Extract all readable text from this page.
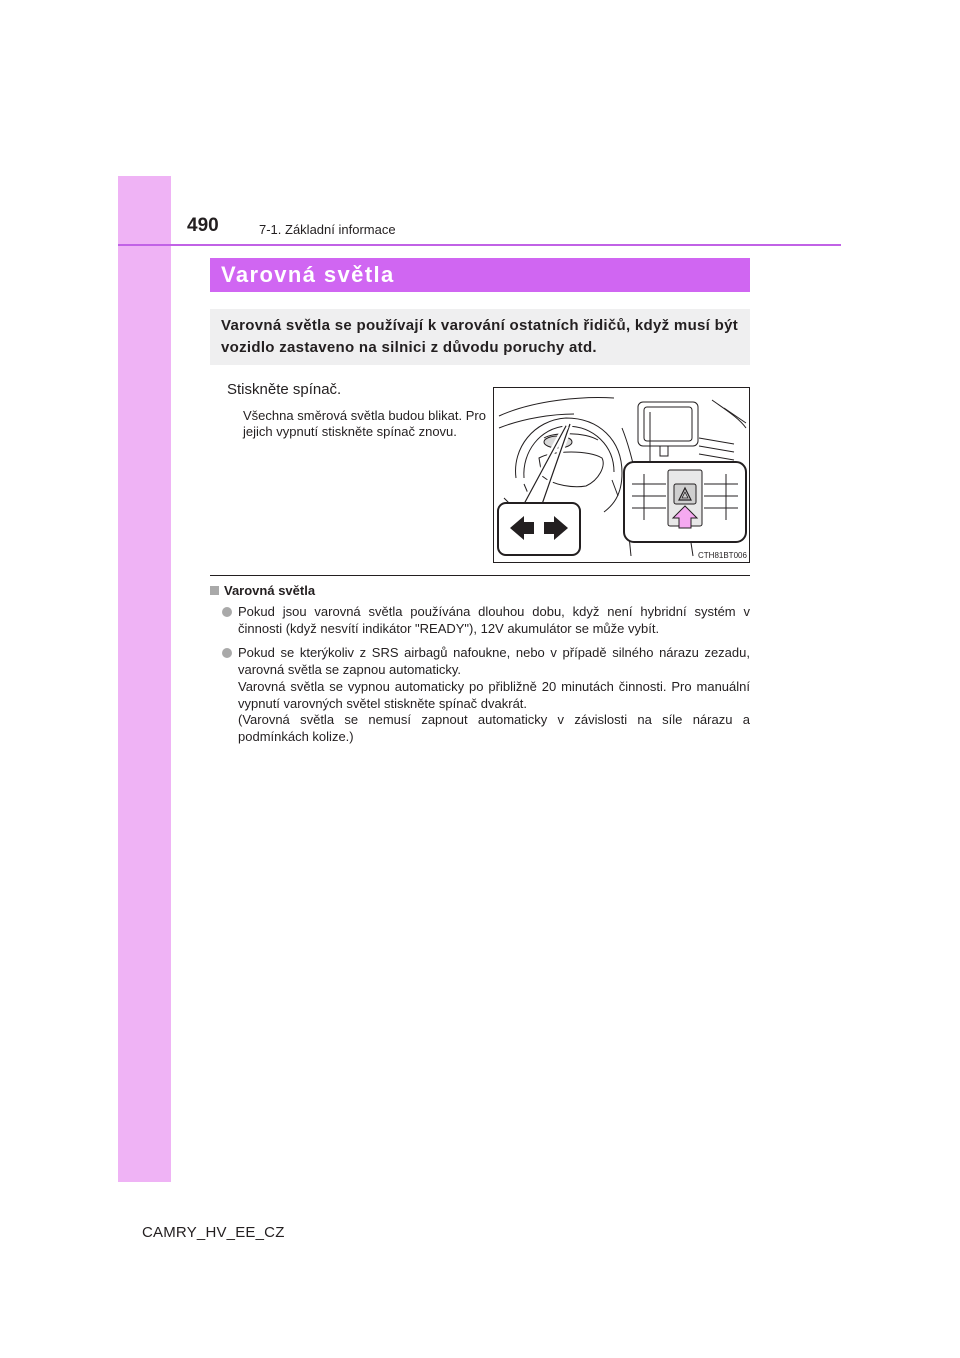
490	7-1. Základní informace
Varovná světla
Varovná světla se používají k varování ostatních řidičů, když musí být vozidlo zastaveno na silnici z důvodu poruchy atd.
Stiskněte spínač.
Všechna směrová světla budou blikat. Pro jejich vypnutí stiskněte spínač znovu.
CTH81BT006
Varovná světla
Pokud jsou varovná světla používána dlouhou dobu, když není hybridní systém v činnosti (když nesvítí indikátor "READY"), 12V akumulátor se může vybít.
Pokud se kterýkoliv z SRS airbagů nafoukne, nebo v případě silného nárazu zezadu, varovná světla se zapnou automaticky.
Varovná světla se vypnou automaticky po přibližně 20 minutách činnosti. Pro manuální vypnutí varovných světel stiskněte spínač dvakrát.
(Varovná světla se nemusí zapnout automaticky v závislosti na síle nárazu a podmínkách kolize.)
CAMRY_HV_EE_CZ
